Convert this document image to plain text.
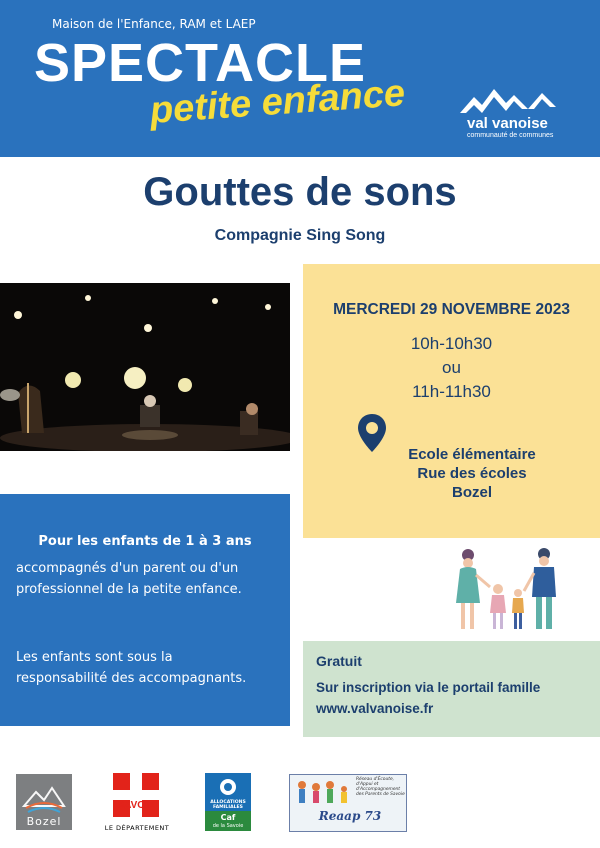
Maison de l'Enfance, RAM et LAEP
SPECTACLE
petite enfance	val vanoise
communauté de communes
Gouttes de sons
Compagnie Sing Song
MERCREDI 29 NOVEMBRE 2023
10h-10h30
ou
11h-11h30
Ecole élémentaire
Rue des écoles
Bozel
Pour les enfants de 1 à 3 ans
accompagnés d'un parent ou d'un
professionnel de la petite enfance.
Les enfants sont sous la
responsabilité des accompagnants.
Gratuit
Sur inscription via le portail famille
www.valvanoise.fr
Bozel
SAVOIE
LE DÉPARTEMENT
ALLOCATIONS FAMILIALES
Caf
de la Savoie
Réseau d'Écoute, d'Appui et d'Accompagnement des Parents de Savoie
Reaap 73
